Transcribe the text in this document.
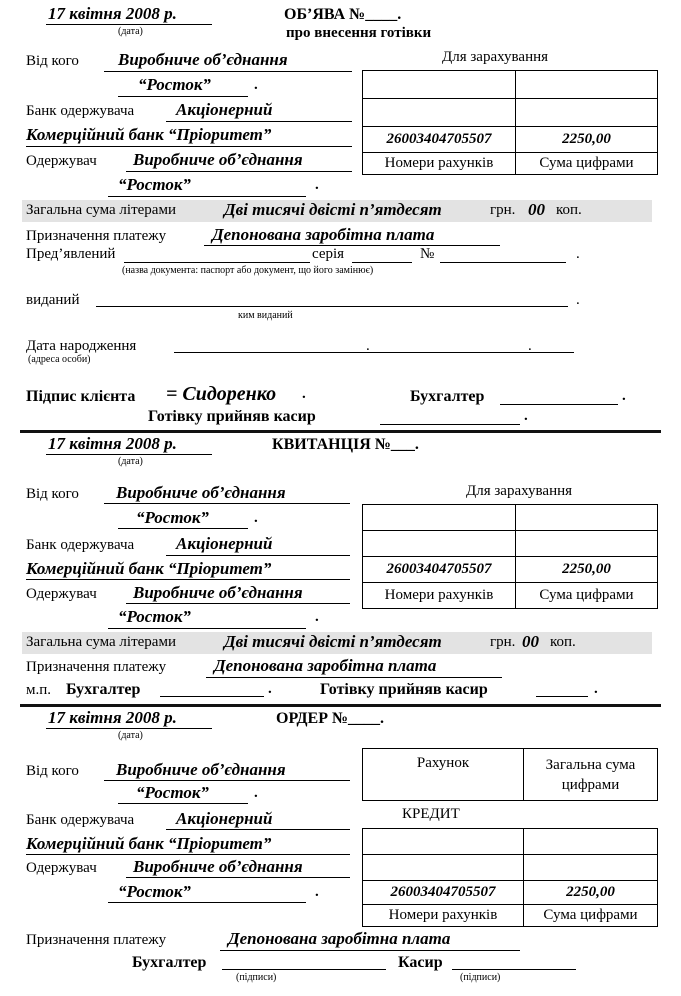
17 квітня 2008 р.
(дата)
ОБ’ЯВА №____.
про внесення готівки
Від кого Виробниче об’єднання
“Росток”	.
Банк одержувача Акціонерний
Комерційний банк “Пріоритет”
Одержувач Виробниче об’єднання
“Росток”	.
Для зарахування

26003404705507	2250,00
Номери рахунків	Сума цифрами
Загальна сума літерами	Дві тисячі двісті п’ятдесят	грн. 00 коп.
Призначення платежу	Депонована заробітна плата
Пред’явлений	серія	№	.
(назва документа: паспорт або документ, що його замінює)
виданий	.
ким виданий
Дата народження	.	.
(адреса особи)
Підпис клієнта = Сидоренко .	Бухгалтер	.
Готівку прийняв касир	.
17 квітня 2008 р.
(дата)
КВИТАНЦІЯ №___.
Від кого Виробниче об’єднання
“Росток”	.
Банк одержувача Акціонерний
Комерційний банк “Пріоритет”
Одержувач Виробниче об’єднання
“Росток”	.
Для зарахування

26003404705507	2250,00
Номери рахунків	Сума цифрами
Загальна сума літерами	Дві тисячі двісті п’ятдесят	грн. 00 коп.
Призначення платежу	Депонована заробітна плата
м.п. Бухгалтер	.	Готівку прийняв касир	.
17 квітня 2008 р.
(дата)
ОРДЕР №____.
Від кого Виробниче об’єднання
“Росток”	.
Банк одержувача Акціонерний
Комерційний банк “Пріоритет”
Одержувач Виробниче об’єднання
“Росток”	.
Рахунок	Загальна сума
цифрами
КРЕДИТ

26003404705507	2250,00
Номери рахунків	Сума цифрами
Призначення платежу	Депонована заробітна плата
Бухгалтер
(підписи)
Касир
(підписи)
